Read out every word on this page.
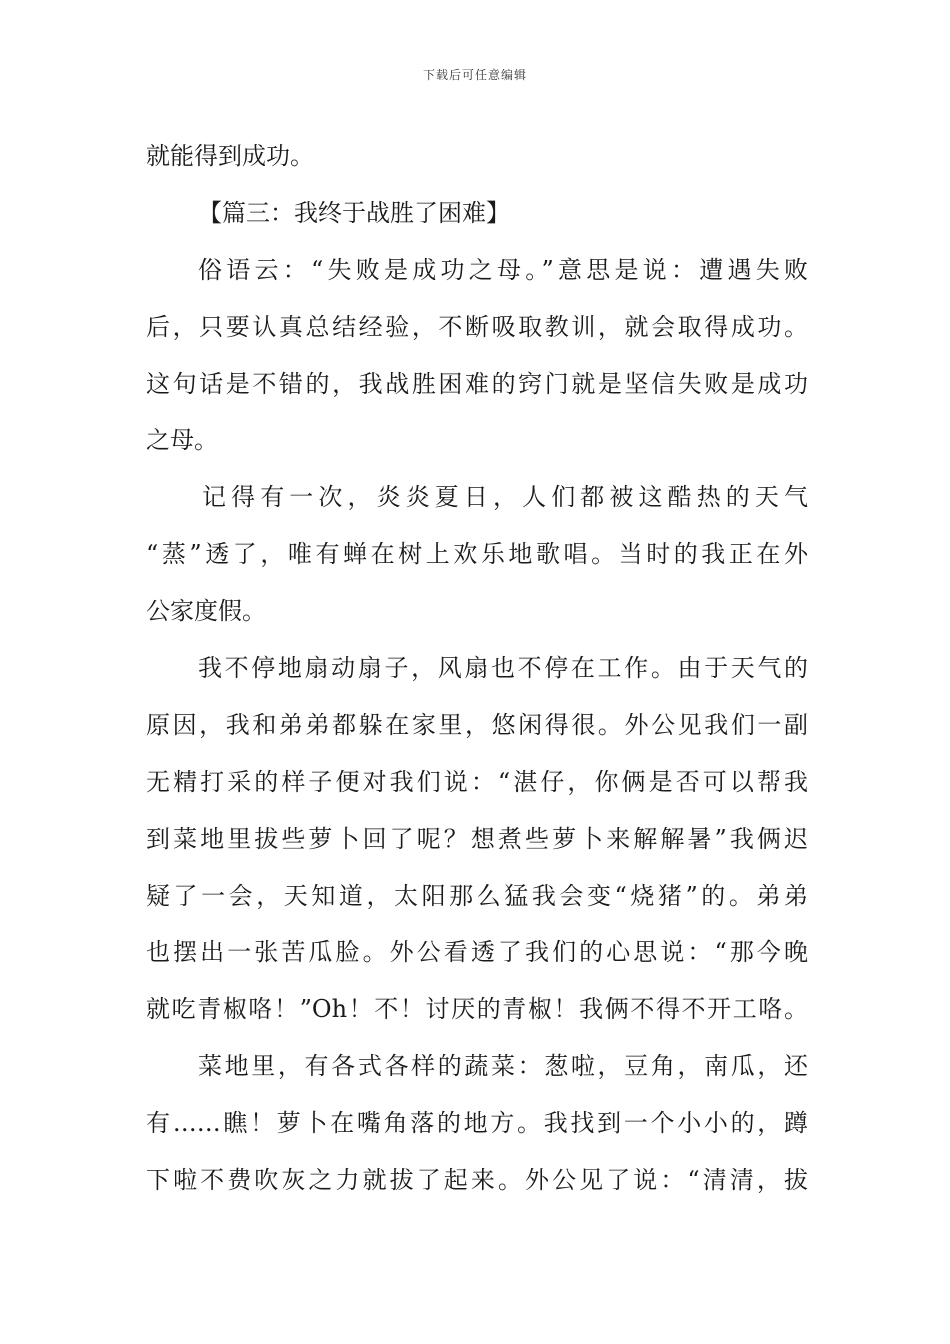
下载后可任意编辑
就能得到成功。
【篇三：我终于战胜了困难】
俗语云：“失败是成功之母。”意思是说：遭遇失败
后，只要认真总结经验，不断吸取教训，就会取得成功。
这句话是不错的，我战胜困难的窍门就是坚信失败是成功
之母。
记得有一次，炎炎夏日，人们都被这酷热的天气
“蒸”透了，唯有蝉在树上欢乐地歌唱。当时的我正在外
公家度假。
我不停地扇动扇子，风扇也不停在工作。由于天气的
原因，我和弟弟都躲在家里，悠闲得很。外公见我们一副
无精打采的样子便对我们说：“湛仔，你俩是否可以帮我
到菜地里拔些萝卜回了呢？想煮些萝卜来解解暑”我俩迟
疑了一会，天知道，太阳那么猛我会变“烧猪”的。弟弟
也摆出一张苦瓜脸。外公看透了我们的心思说：“那今晚
就吃青椒咯！”Oh！不！讨厌的青椒！我俩不得不开工咯。
菜地里，有各式各样的蔬菜：葱啦，豆角，南瓜，还
有……瞧！萝卜在嘴角落的地方。我找到一个小小的，蹲
下啦不费吹灰之力就拔了起来。外公见了说：“清清，拔
